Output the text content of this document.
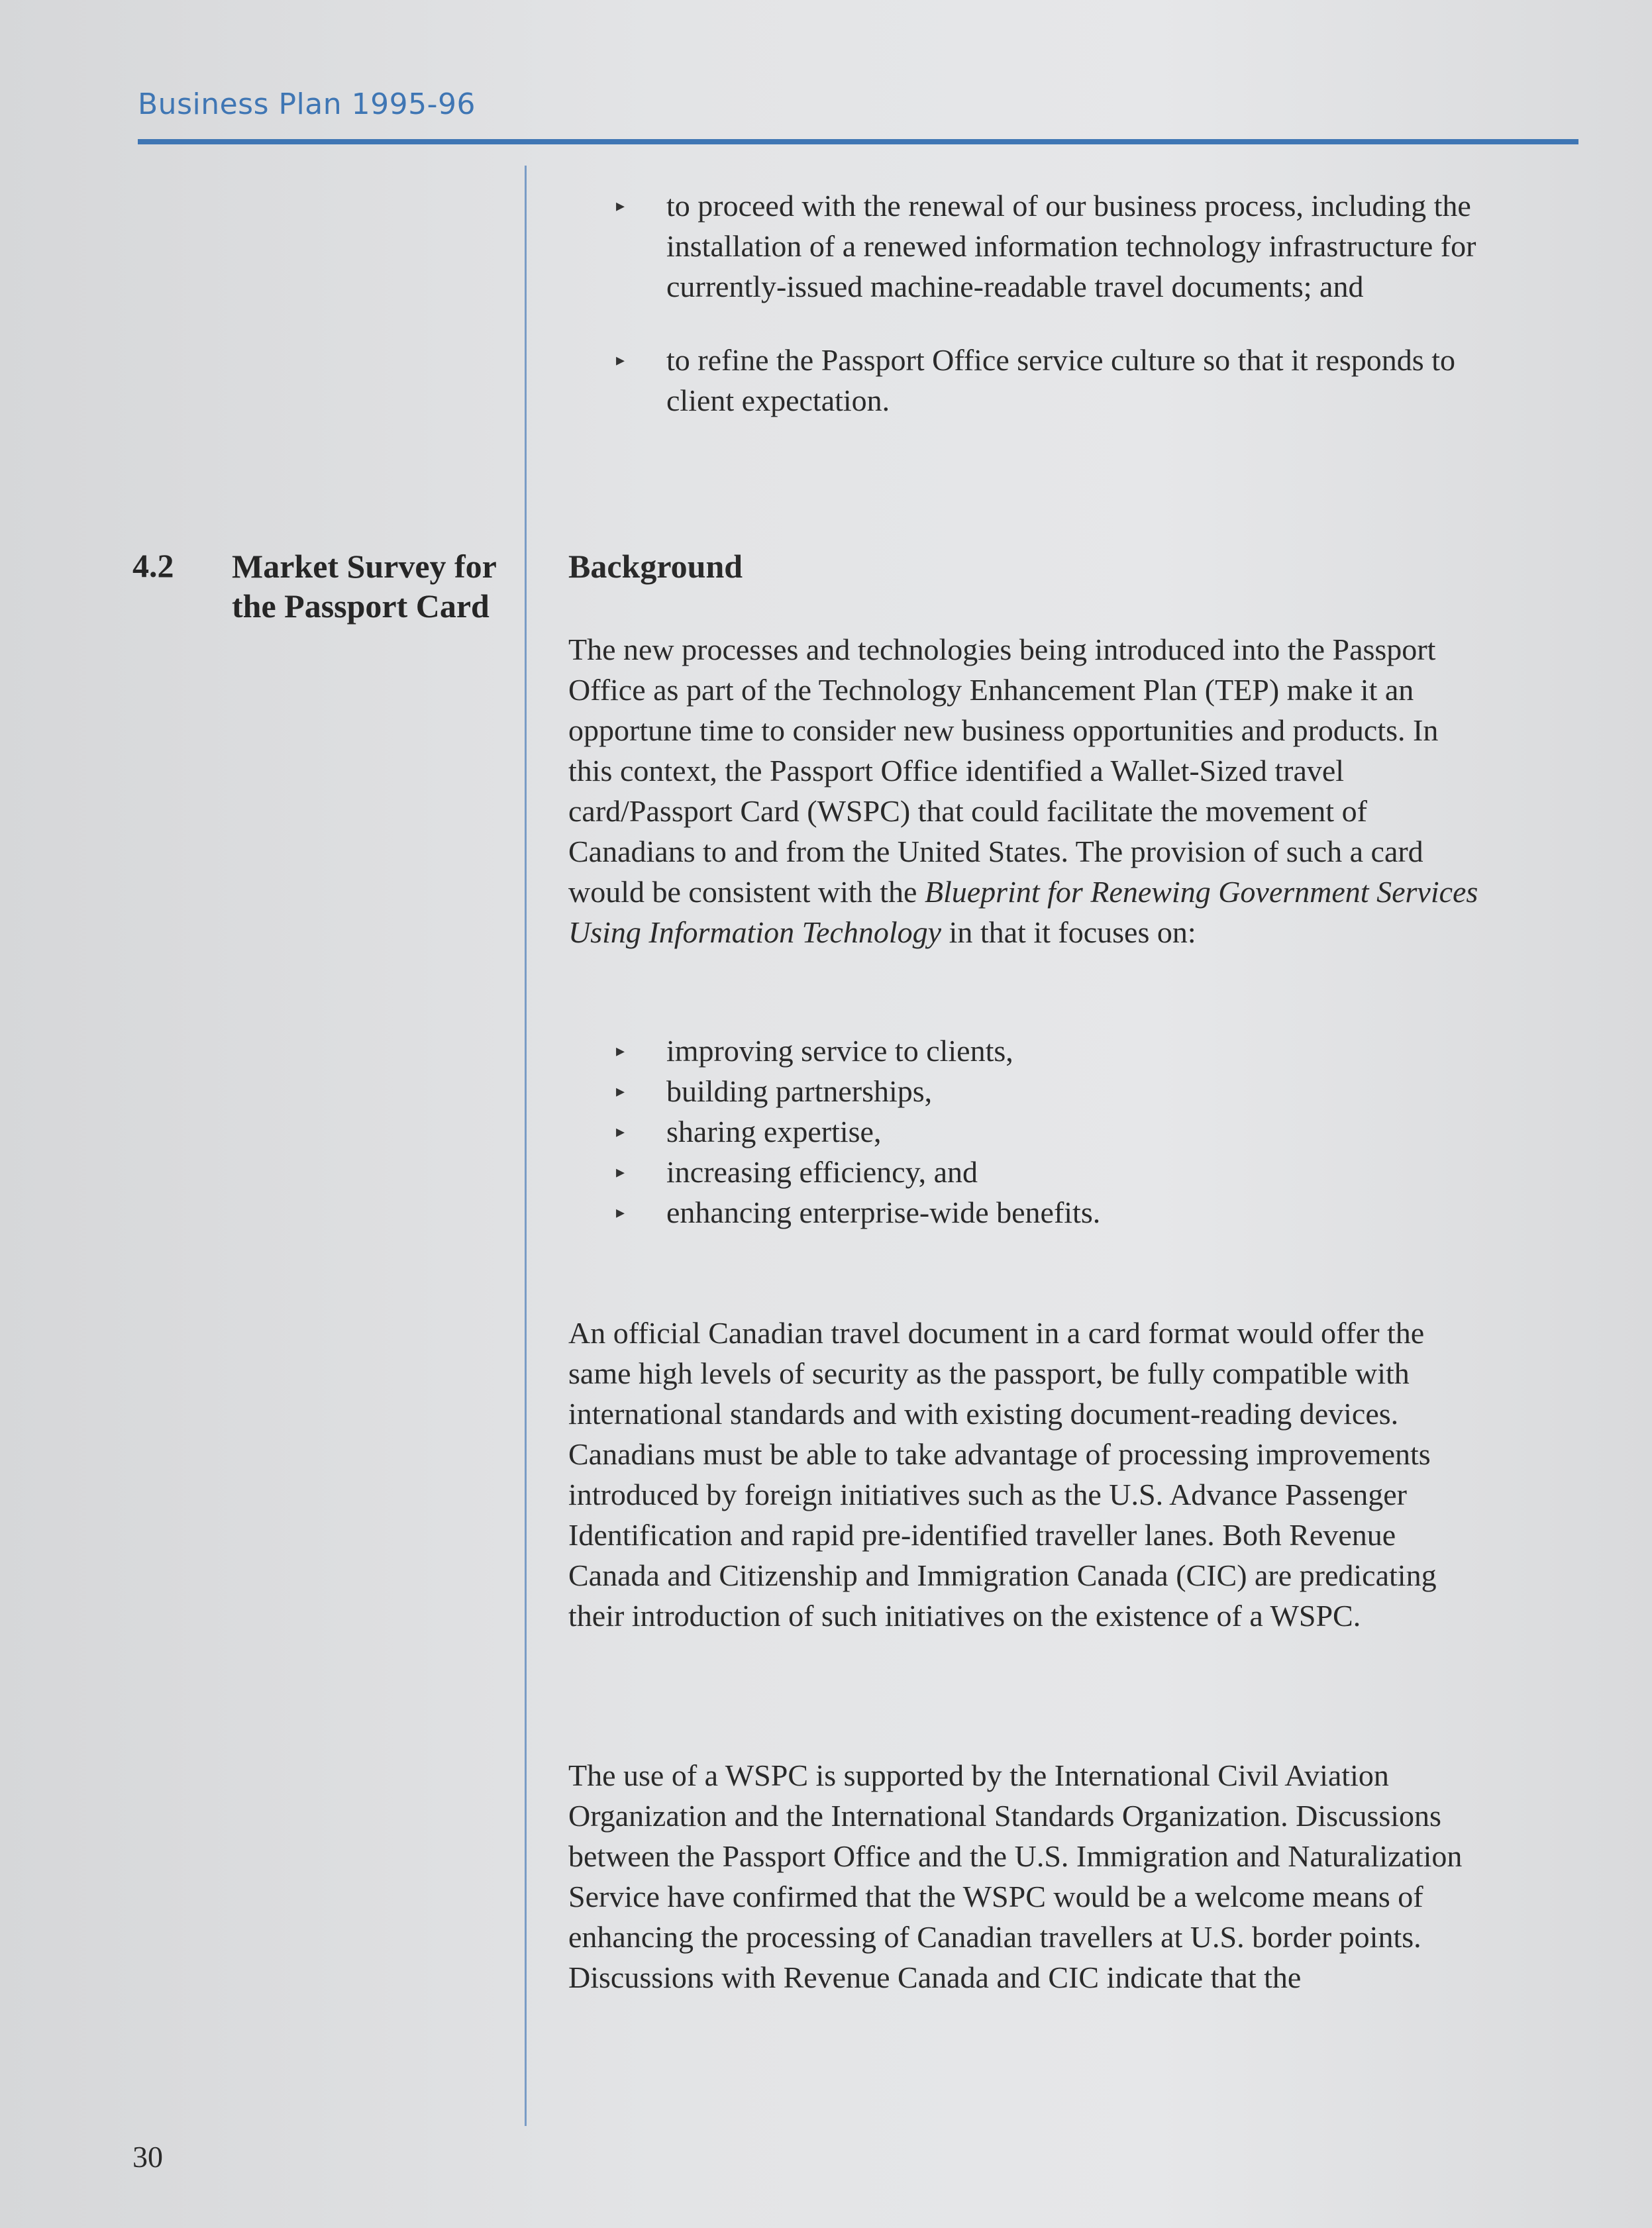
Business Plan 1995-96
▸ to proceed with the renewal of our business process, including the installation of a renewed information technology infrastructure for currently-issued machine-readable travel documents; and
▸ to refine the Passport Office service culture so that it responds to client expectation.
4.2 Market Survey for the Passport Card
Background

The new processes and technologies being introduced into the Passport Office as part of the Technology Enhancement Plan (TEP) make it an opportune time to consider new business opportunities and products. In this context, the Passport Office identified a Wallet-Sized travel card/Passport Card (WSPC) that could facilitate the movement of Canadians to and from the United States. The provision of such a card would be consistent with the Blueprint for Renewing Government Services Using Information Technology in that it focuses on:

▸ improving service to clients,
▸ building partnerships,
▸ sharing expertise,
▸ increasing efficiency, and
▸ enhancing enterprise-wide benefits.

An official Canadian travel document in a card format would offer the same high levels of security as the passport, be fully compatible with international standards and with existing document-reading devices. Canadians must be able to take advantage of processing improvements introduced by foreign initiatives such as the U.S. Advance Passenger Identification and rapid pre-identified traveller lanes. Both Revenue Canada and Citizenship and Immigration Canada (CIC) are predicating their introduction of such initiatives on the existence of a WSPC.

The use of a WSPC is supported by the International Civil Aviation Organization and the International Standards Organization. Discussions between the Passport Office and the U.S. Immigration and Naturalization Service have confirmed that the WSPC would be a welcome means of enhancing the processing of Canadian travellers at U.S. border points. Discussions with Revenue Canada and CIC indicate that the

30
